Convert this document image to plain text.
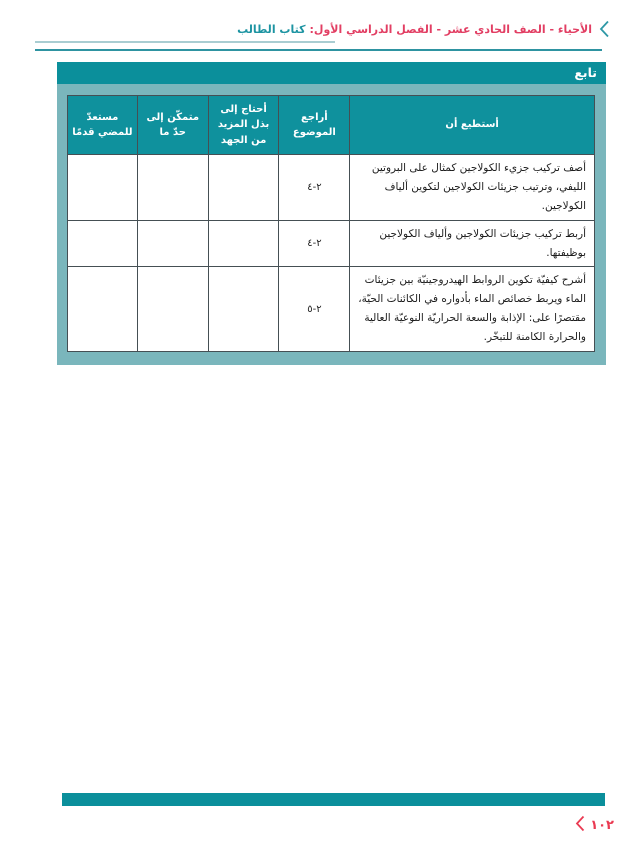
الأحياء - الصف الحادي عشر - الفصل الدراسي الأول:كتاب الطالب
تابع
أستطيع أن	أراجع الموضوع	أحتاج إلى بذل المزيد من الجهد	متمكّن إلى حدّ ما	مستعدّ للمضي قدمًا
أصف تركيب جزيء الكولاجين كمثال على البروتين الليفي، وترتيب جزيئات الكولاجين لتكوين ألياف الكولاجين.	٢-٤			
أربط تركيب جزيئات الكولاجين وألياف الكولاجين بوظيفتها.	٢-٤			
أشرح كيفيّة تكوين الروابط الهيدروجينيّة بين جزيئات الماء ويربط خصائص الماء بأدواره في الكائنات الحيّة، مقتصرًا على: الإذابة والسعة الحراريّة النوعيّة العالية والحرارة الكامنة للتبخّر.	٢-٥			
١٠٢
